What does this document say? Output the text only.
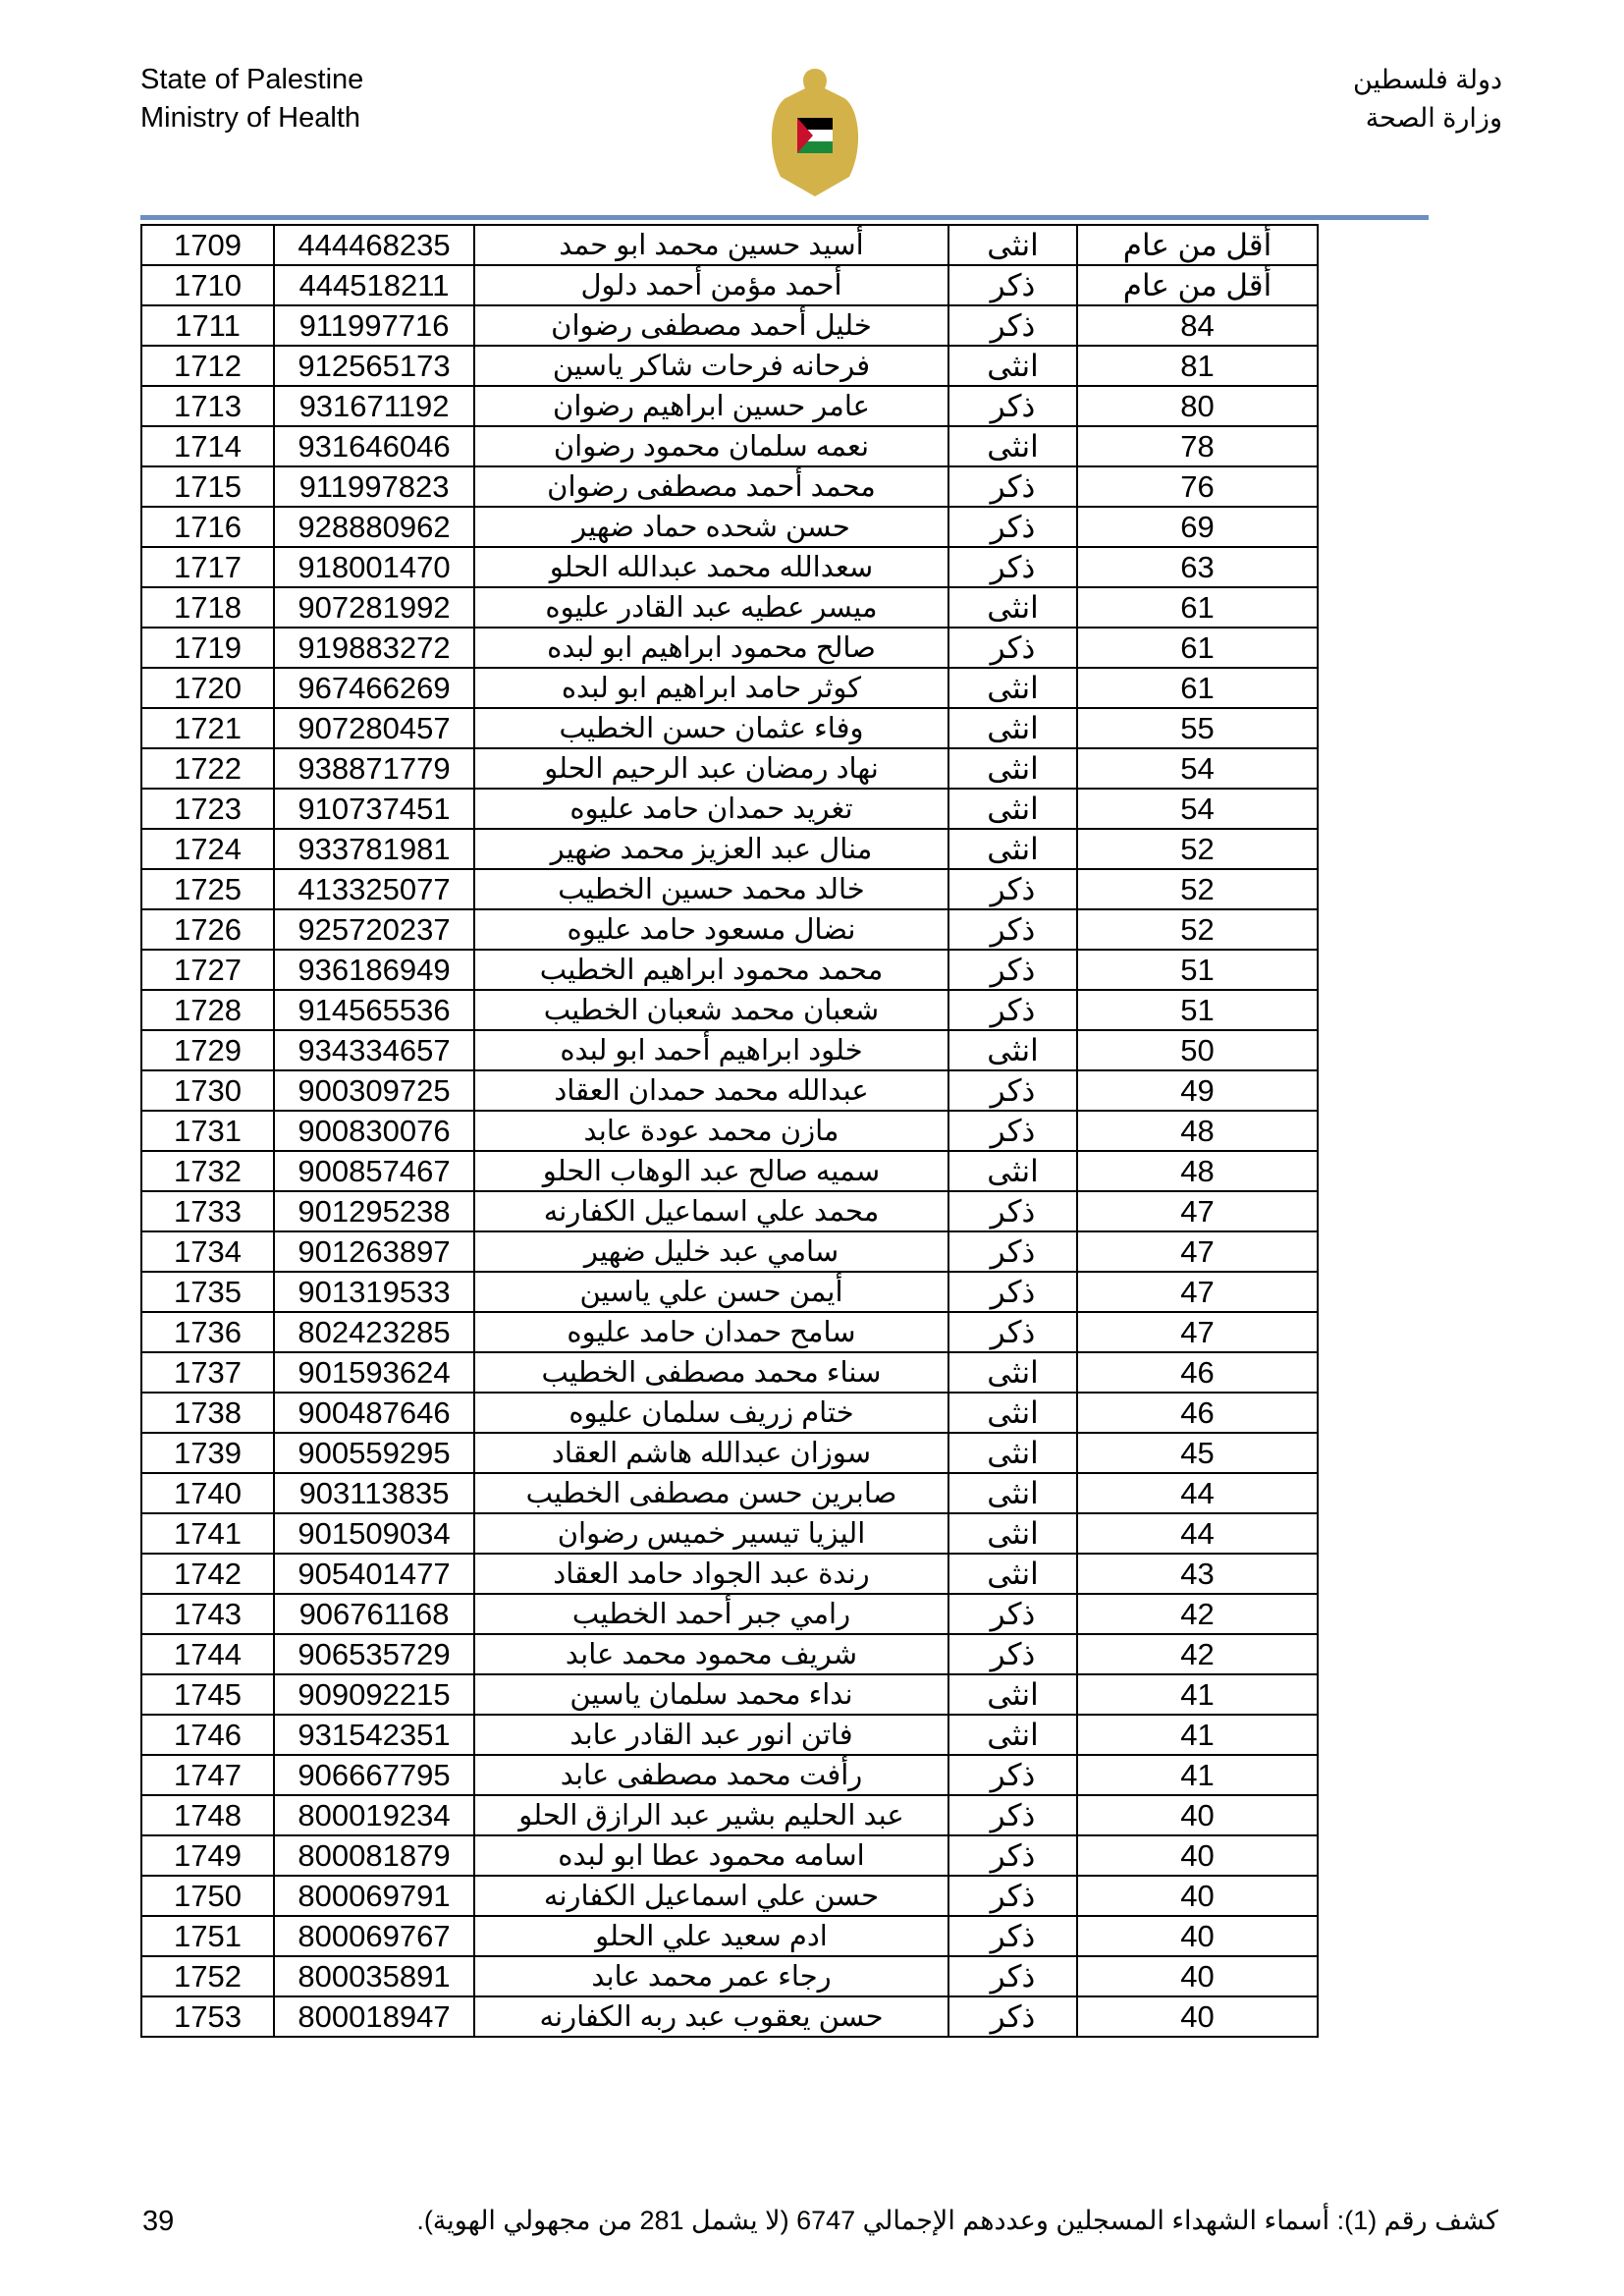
State of Palestine
Ministry of Health
دولة فلسطين
وزارة الصحة
1709	444468235	أسيد حسين محمد ابو حمد	انثى	أقل من عام
1710	444518211	أحمد مؤمن أحمد دلول	ذكر	أقل من عام
1711	911997716	خليل أحمد مصطفى رضوان	ذكر	84
1712	912565173	فرحانه فرحات شاكر ياسين	انثى	81
1713	931671192	عامر حسين ابراهيم رضوان	ذكر	80
1714	931646046	نعمه سلمان محمود رضوان	انثى	78
1715	911997823	محمد أحمد مصطفى رضوان	ذكر	76
1716	928880962	حسن شحده حماد ضهير	ذكر	69
1717	918001470	سعدالله محمد عبدالله الحلو	ذكر	63
1718	907281992	ميسر عطيه عبد القادر عليوه	انثى	61
1719	919883272	صالح محمود ابراهيم ابو لبده	ذكر	61
1720	967466269	كوثر حامد ابراهيم ابو لبده	انثى	61
1721	907280457	وفاء عثمان حسن الخطيب	انثى	55
1722	938871779	نهاد رمضان عبد الرحيم الحلو	انثى	54
1723	910737451	تغريد حمدان حامد عليوه	انثى	54
1724	933781981	منال عبد العزيز محمد ضهير	انثى	52
1725	413325077	خالد محمد حسين الخطيب	ذكر	52
1726	925720237	نضال مسعود حامد عليوه	ذكر	52
1727	936186949	محمد محمود ابراهيم الخطيب	ذكر	51
1728	914565536	شعبان محمد شعبان الخطيب	ذكر	51
1729	934334657	خلود ابراهيم أحمد ابو لبده	انثى	50
1730	900309725	عبدالله محمد حمدان العقاد	ذكر	49
1731	900830076	مازن محمد عودة عابد	ذكر	48
1732	900857467	سميه صالح عبد الوهاب الحلو	انثى	48
1733	901295238	محمد علي اسماعيل الكفارنه	ذكر	47
1734	901263897	سامي عبد خليل ضهير	ذكر	47
1735	901319533	أيمن حسن علي ياسين	ذكر	47
1736	802423285	سامح حمدان حامد عليوه	ذكر	47
1737	901593624	سناء محمد مصطفى الخطيب	انثى	46
1738	900487646	ختام زريف سلمان عليوه	انثى	46
1739	900559295	سوزان عبدالله هاشم العقاد	انثى	45
1740	903113835	صابرين حسن مصطفى الخطيب	انثى	44
1741	901509034	اليزيا تيسير خميس رضوان	انثى	44
1742	905401477	رندة عبد الجواد حامد العقاد	انثى	43
1743	906761168	رامي جبر أحمد الخطيب	ذكر	42
1744	906535729	شريف محمود محمد عابد	ذكر	42
1745	909092215	نداء محمد سلمان ياسين	انثى	41
1746	931542351	فاتن انور عبد القادر عابد	انثى	41
1747	906667795	رأفت محمد مصطفى عابد	ذكر	41
1748	800019234	عبد الحليم بشير عبد الرازق الحلو	ذكر	40
1749	800081879	اسامه محمود عطا ابو لبده	ذكر	40
1750	800069791	حسن علي اسماعيل الكفارنه	ذكر	40
1751	800069767	ادم سعيد علي الحلو	ذكر	40
1752	800035891	رجاء عمر محمد عابد	ذكر	40
1753	800018947	حسن يعقوب عبد ربه الكفارنه	ذكر	40
39	كشف رقم (1): أسماء الشهداء المسجلين وعددهم الإجمالي 6747 (لا يشمل 281 من مجهولي الهوية).
